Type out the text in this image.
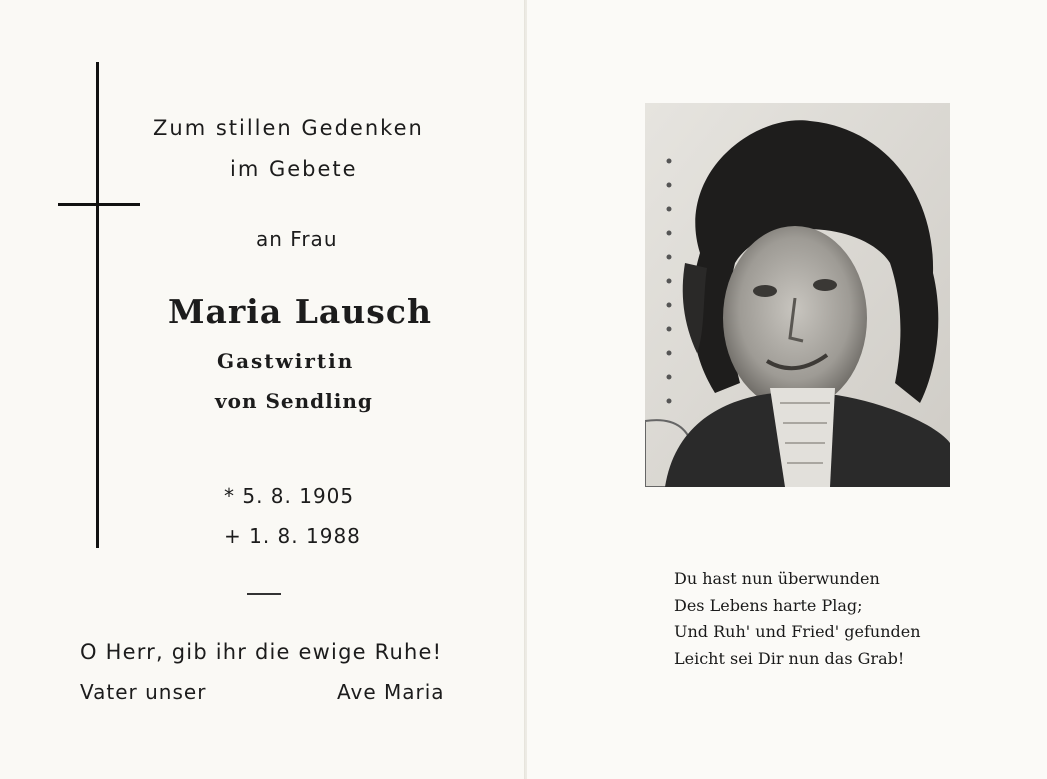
Zum stillen Gedenken
im Gebete
an Frau
Maria Lausch
Gastwirtin
von Sendling
* 5. 8. 1905
+ 1. 8. 1988
O Herr, gib ihr die ewige Ruhe!
Vater unser	Ave Maria
Du hast nun überwunden
Des Lebens harte Plag;
Und Ruh' und Fried' gefunden
Leicht sei Dir nun das Grab!
